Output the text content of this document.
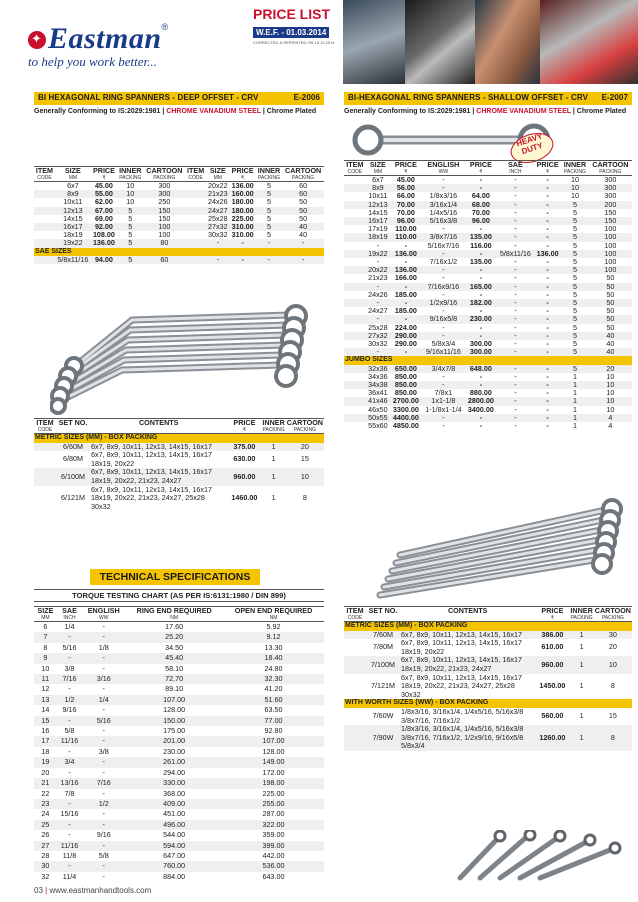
✦Eastman®
to help you work better...
PRICE LIST
W.E.F. - 01.03.2014
CORRECTED & REPRINTED ON 15.10.2014
BI HEXAGONAL RING SPANNERS - DEEP OFFSET - CRV	E-2006
Generally Conforming to IS:2029:1981 | CHROME VANADIUM STEEL | Chrome Plated
ITEM
CODE	SIZE
MM	PRICE
₹	INNER
PACKING	CARTOON
PACKING	ITEM
CODE	SIZE
MM	PRICE
₹	INNER
PACKING	CARTOON
PACKING

	6x7	45.00	10	300		20x22	136.00	5	60
	8x9	55.00	10	300		21x23	160.00	5	60
	10x11	62.00	10	250		24x26	180.00	5	50
	12x13	67.00	5	150		24x27	180.00	5	50
	14x15	69.00	5	150		25x28	225.00	5	50
	16x17	92.00	5	100		27x32	310.00	5	40
	18x19	108.00	5	100		30x32	310.00	5	40
	19x22	136.00	5	80		-	-	-	-
SAE SIZES									
	5/8x11/16	94.00	5	60		-	-	-	-
ITEM
CODE	SET NO.	CONTENTS	PRICE
₹	INNER
PACKING	CARTOON
PACKING

METRIC SIZES (MM) - BOX PACKING					
	6/60M	6x7, 8x9, 10x11, 12x13, 14x15, 16x17	375.00	1	20
	6/80M	6x7, 8x9, 10x11, 12x13, 14x15, 16x17 18x19, 20x22	630.00	1	15
	6/100M	6x7, 8x9, 10x11, 12x13, 14x15, 16x17 18x19, 20x22, 21x23, 24x27	960.00	1	10
	6/121M	6x7, 8x9, 10x11, 12x13, 14x15, 16x17 18x19, 20x22, 21x23, 24x27, 25x28 30x32	1460.00	1	8
BI-HEXAGONAL RING SPANNERS - SHALLOW OFFSET - CRV E-2007
Generally Conforming to IS:2029:1981 | CHROME VANADIUM STEEL | Chrome Plated
HEAVY DUTY
ITEM
CODE	SIZE
MM	PRICE
₹	ENGLISH
WW	PRICE
₹	SAE
INCH	PRICE
₹	INNER
PACKING	CARTOON
PACKING

	6x7	45.00	-	-	-	-	10	300
	8x9	56.00	-	-	-	-	10	300
	10x11	66.00	1/8x3/16	64.00	-	-	10	300
	12x13	70.00	3/16x1/4	68.00	-	-	5	200
	14x15	70.00	1/4x5/16	70.00	-	-	5	150
	16x17	96.00	5/16x3/8	96.00	-	-	5	150
	17x19	110.00	-	-	-	-	5	100
	18x19	110.00	3/8x7/16	135.00	-	-	5	100
	-	-	5/16x7/16	116.00	-	-	5	100
	19x22	136.00	-	-	5/8x11/16	136.00	5	100
	-	-	7/16x1/2	135.00	-	-	5	100
	20x22	136.00	-	-	-	-	5	100
	21x23	166.00	-	-	-	-	5	50
	-	-	7/16x9/16	165.00	-	-	5	50
	24x26	185.00	-	-	-	-	5	50
	-	-	1/2x9/16	182.00	-	-	5	50
	24x27	185.00	-	-	-	-	5	50
	-	-	9/16x5/8	230.00	-	-	5	50
	25x28	224.00	-	-	-	-	5	50
	27x32	290.00	-	-	-	-	5	40
	30x32	290.00	5/8x3/4	300.00	-	-	5	40
	-	-	9/16x11/16	300.00	-	-	5	40
JUMBO SIZES								
	32x36	650.00	3/4x7/8	648.00	-	-	5	20
	34x36	850.00	-	-	-	-	1	10
	34x38	850.00	-	-	-	-	1	10
	36x41	850.00	7/8x1	880.00	-	-	1	10
	41x46	2700.00	1x1-1/8	2800.00	-	-	1	10
	46x50	3300.00	1-1/8x1-1/4	3400.00	-	-	1	10
	50x55	4400.00	-	-	-	-	1	4
	55x60	4850.00	-	-	-	-	1	4
ITEM
CODE	SET NO.	CONTENTS	PRICE
₹	INNER
PACKING	CARTOON
PACKING

METRIC SIZES (MM) - BOX PACKING					
	7/60M	6x7, 8x9, 10x11, 12x13, 14x15, 16x17	386.00	1	30
	7/80M	6x7, 8x9, 10x11, 12x13, 14x15, 16x17 18x19, 20x22	610.00	1	20
	7/100M	6x7, 8x9, 10x11, 12x13, 14x15, 16x17 18x19, 20x22, 21x23, 24x27	960.00	1	10
	7/121M	6x7, 8x9, 10x11, 12x13, 14x15, 16x17 18x19, 20x22, 21x23, 24x27, 25x28 30x32	1450.00	1	8
WITH WORTH SIZES (WW) - BOX PACKING					
	7/60W	1/8x3/16, 3/16x1/4, 1/4x5/16, 5/16x3/8 3/8x7/16, 7/16x1/2	560.00	1	15
	7/90W	1/8x3/16, 3/16x1/4, 1/4x5/16, 5/16x3/8 3/8x7/16, 7/16x1/2, 1/2x9/16, 9/16x5/8 5/8x3/4	1260.00	1	8
TECHNICAL SPECIFICATIONS
TORQUE TESTING CHART (AS PER IS:6131:1980 / DIN 899)
SIZE
MM	SAE
INCH	ENGLISH
WW	RING END REQUIRED
NM	OPEN END REQUIRED
NM

6	1/4	-	17.60	5.92
7	-	-	25.20	9.12
8	5/16	1/8	34.50	13.30
9	-	-	45.40	18.40
10	3/8	-	58.10	24.80
11	7/16	3/16	72.70	32.30
12	-	-	89.10	41.20
13	1/2	1/4	107.00	51.60
14	9/16	-	128.00	63.50
15	-	5/16	150.00	77.00
16	5/8	-	175.00	92.80
17	11/16	-	201.00	107.00
18	-	3/8	230.00	128.00
19	3/4	-	261.00	149.00
20	-	-	294.00	172.00
21	13/16	7/16	330.00	198.00
22	7/8	-	368.00	225.00
23	-	1/2	409.00	255.00
24	15/16	-	451.00	287.00
25	-	-	496.00	322.00
26	-	9/16	544.00	359.00
27	11/16	-	594.00	399.00
28	11/8	5/8	647.00	442.00
30	-	-	760.00	536.00
32	11/4	-	884.00	643.00
03 | www.eastmanhandtools.com
